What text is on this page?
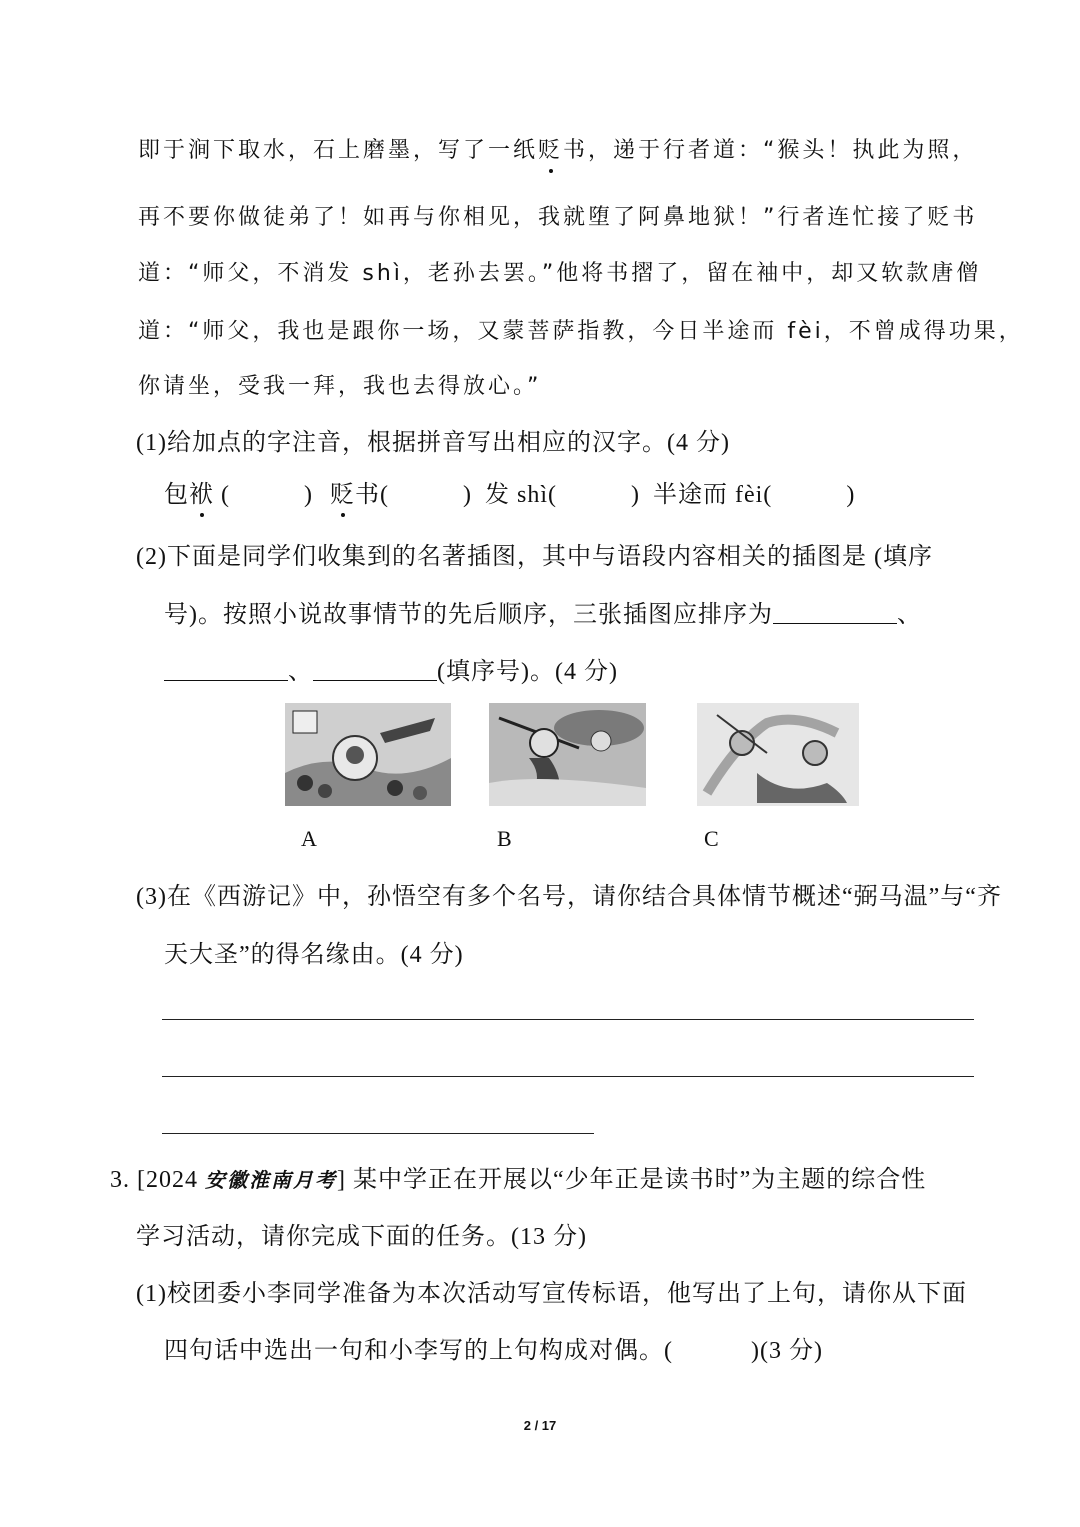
即于涧下取水，石上磨墨，写了一纸贬书，递于行者道：“猴头！执此为照，
再不要你做徒弟了！如再与你相见，我就堕了阿鼻地狱！”行者连忙接了贬书
道：“师父，不消发 shì，老孙去罢。”他将书摺了，留在袖中，却又软款唐僧
道：“师父，我也是跟你一场，又蒙菩萨指教，今日半途而 fèi，不曾成得功果，
你请坐，受我一拜，我也去得放心。”
(1)给加点的字注音，根据拼音写出相应的汉字。(4 分)
包袱 (	) 贬书(	) 发 shì(	) 半途而 fèi(	)
(2)下面是同学们收集到的名著插图，其中与语段内容相关的插图是 (填序
号)。按照小说故事情节的先后顺序，三张插图应排序为	、
、	(填序号)。(4 分)
A	B	C
(3)在《西游记》中，孙悟空有多个名号，请你结合具体情节概述“弼马温”与“齐
天大圣”的得名缘由。(4 分)
3. [2024 安徽淮南月考] 某中学正在开展以“少年正是读书时”为主题的综合性
学习活动，请你完成下面的任务。(13 分)
(1)校团委小李同学准备为本次活动写宣传标语，他写出了上句，请你从下面
四句话中选出一句和小李写的上句构成对偶。(	)(3 分)
2 / 17
